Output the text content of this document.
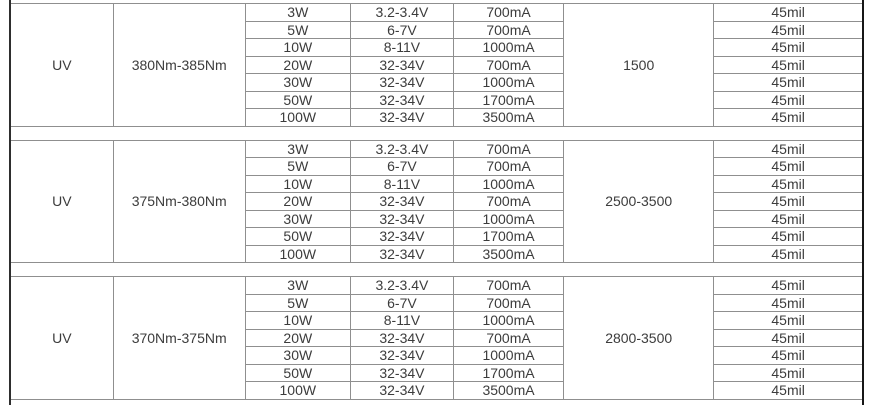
UV	380Nm-385Nm	3W	3.2-3.4V	700mA	1500	45mil
		5W	6-7V	700mA		45mil
		10W	8-11V	1000mA		45mil
		20W	32-34V	700mA		45mil
		30W	32-34V	1000mA		45mil
		50W	32-34V	1700mA		45mil
		100W	32-34V	3500mA		45mil

UV	375Nm-380Nm	3W	3.2-3.4V	700mA	2500-3500	45mil
		5W	6-7V	700mA		45mil
		10W	8-11V	1000mA		45mil
		20W	32-34V	700mA		45mil
		30W	32-34V	1000mA		45mil
		50W	32-34V	1700mA		45mil
		100W	32-34V	3500mA		45mil

UV	370Nm-375Nm	3W	3.2-3.4V	700mA	2800-3500	45mil
		5W	6-7V	700mA		45mil
		10W	8-11V	1000mA		45mil
		20W	32-34V	700mA		45mil
		30W	32-34V	1000mA		45mil
		50W	32-34V	1700mA		45mil
		100W	32-34V	3500mA		45mil
